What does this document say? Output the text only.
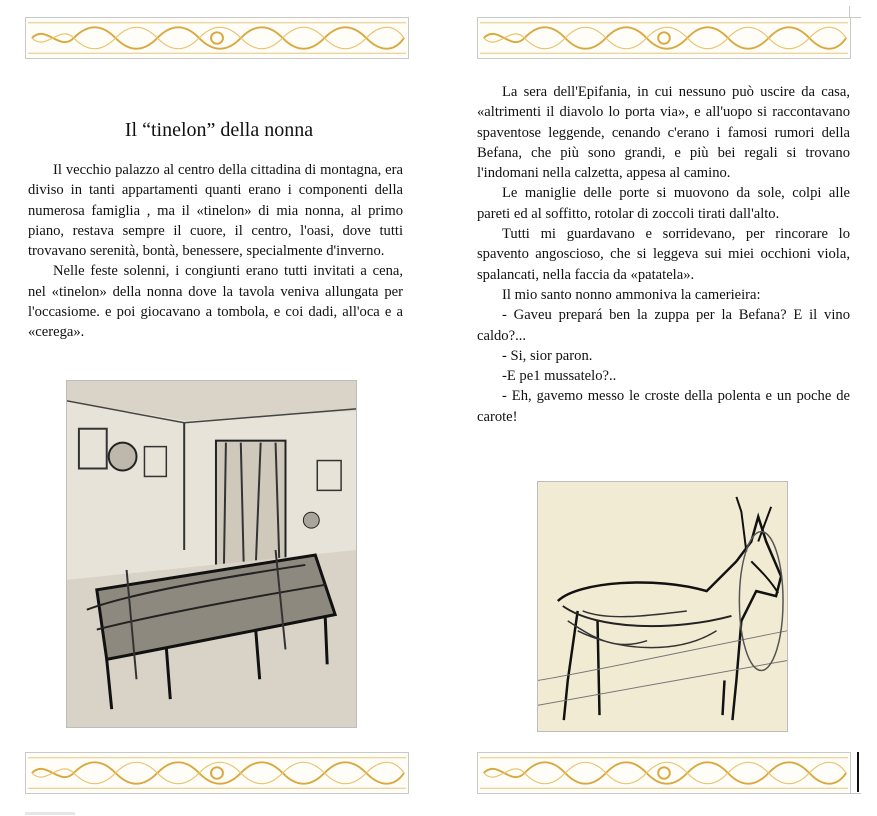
Il “tinelon” della nonna

Il vecchio palazzo al centro della cittadina di montagna, era diviso in tanti appartamenti quanti erano i componenti della numerosa famiglia , ma il «tinelon» di mia nonna, al primo piano, restava sempre il cuore, il centro, l'oasi, dove tutti trovavano serenità, bontà, benessere, specialmente d'inverno.

Nelle feste solenni, i congiunti erano tutti invitati a cena, nel «tinelon» della nonna dove la tavola veniva allungata per l'occasiome. e poi giocavano a tombola, e coi dadi, all'oca e a «cerega».

La sera dell'Epifania, in cui nessuno può uscire da casa, «altrimenti il diavolo lo porta via», e all'uopo si raccontavano spaventose leggende, cenando c'erano i famosi rumori della Befana, che più sono grandi, e più bei regali si trovano l'indomani nella calzetta, appesa al camino.

Le maniglie delle porte si muovono da sole, colpi alle pareti ed al soffitto, rotolar di zoccoli tirati dall'alto.

Tutti mi guardavano e sorridevano, per rincorare lo spavento angoscioso, che si leggeva sui miei occhioni viola, spalancati, nella faccia da «patatela».

Il mio santo nonno ammoniva la camerieira:

- Gaveu prepará ben la zuppa per la Befana? E il vino caldo?...

- Si, sior paron.

-E pe1 mussatelo?..

- Eh, gavemo messo le croste della polenta e un poche de carote!
